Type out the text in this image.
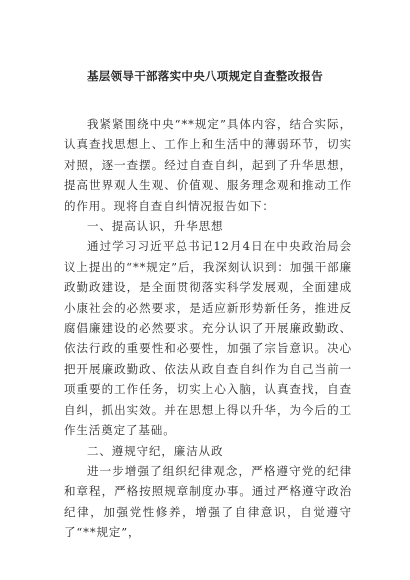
基层领导干部落实中央八项规定自查整改报告

我紧紧围绕中央“**规定”具体内容，结合实际，认真查找思想上、工作上和生活中的薄弱环节，切实对照，逐一查摆。经过自查自纠，起到了升华思想，提高世界观人生观、价值观、服务理念观和推动工作的作用。现将自查自纠情况报告如下：

一、提高认识，升华思想

通过学习习近平总书记12月4日在中央政治局会议上提出的“**规定”后，我深刻认识到：加强干部廉政勤政建设，是全面贯彻落实科学发展观，全面建成小康社会的必然要求，是适应新形势新任务，推进反腐倡廉建设的必然要求。充分认识了开展廉政勤政、依法行政的重要性和必要性，加强了宗旨意识。决心把开展廉政勤政、依法从政自查自纠作为自己当前一项重要的工作任务，切实上心入脑，认真查找，自查自纠，抓出实效。并在思想上得以升华，为今后的工作生活奠定了基础。

二、遵规守纪，廉洁从政

进一步增强了组织纪律观念，严格遵守党的纪律和章程，严格按照规章制度办事。通过严格遵守政治纪律，加强党性修养，增强了自律意识，自觉遵守了“**规定”，
